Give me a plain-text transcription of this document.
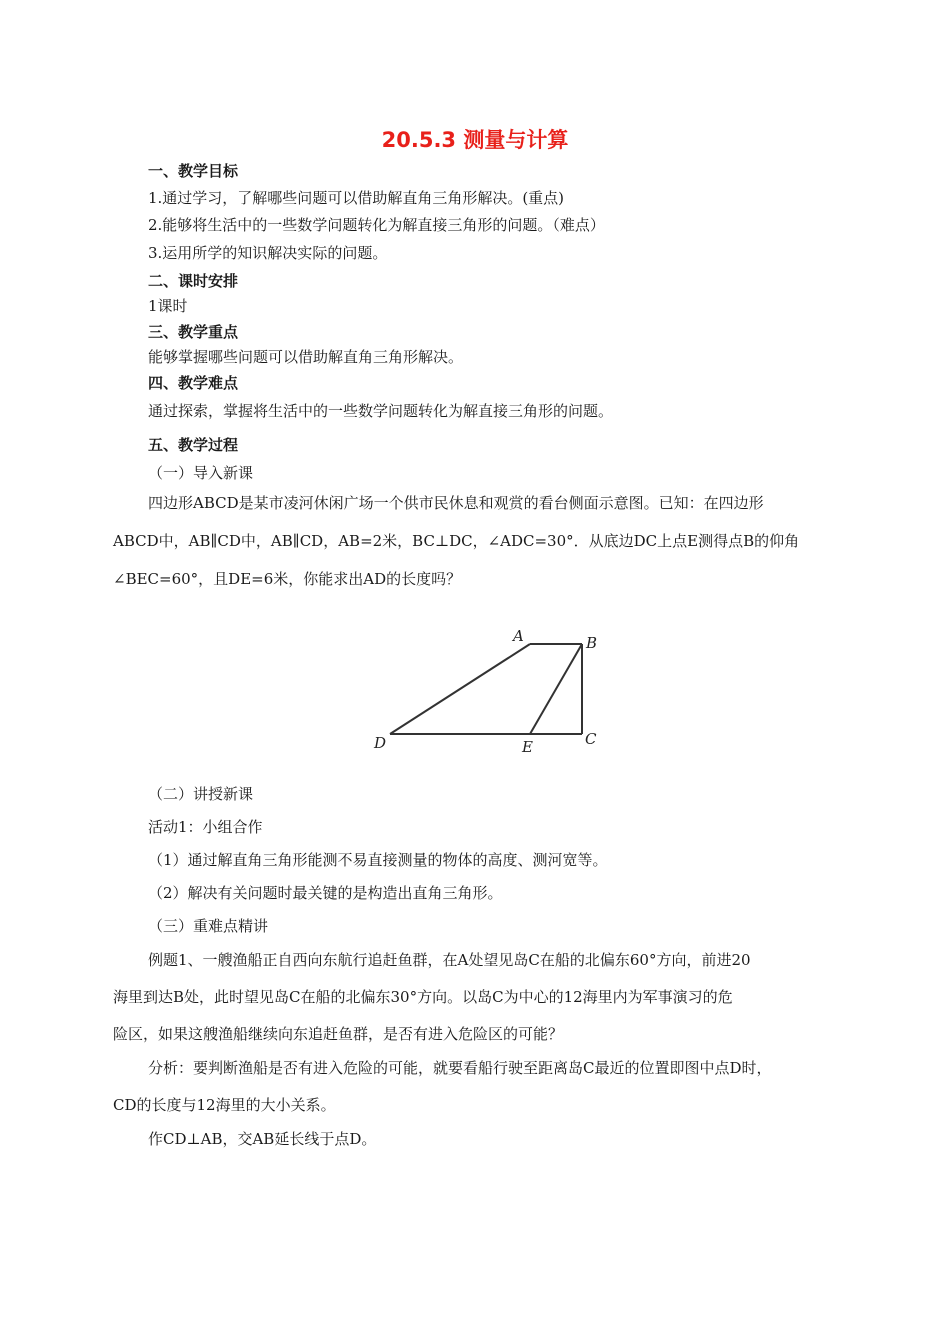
20.5.3 测量与计算
一、教学目标
1.通过学习，了解哪些问题可以借助解直角三角形解决。(重点)
2.能够将生活中的一些数学问题转化为解直接三角形的问题。（难点）
3.运用所学的知识解决实际的问题。
二、课时安排
1课时
三、教学重点
能够掌握哪些问题可以借助解直角三角形解决。
四、教学难点
通过探索，掌握将生活中的一些数学问题转化为解直接三角形的问题。
五、教学过程
（一）导入新课
四边形ABCD是某市凌河休闲广场一个供市民休息和观赏的看台侧面示意图。已知：在四边形
ABCD中，AB∥CD中，AB∥CD，AB=2米，BC⊥DC，∠ADC=30°．从底边DC上点E测得点B的仰角
∠BEC=60°，且DE=6米，你能求出AD的长度吗？
A	B
C
D	E
（二）讲授新课
活动1：小组合作
（1）通过解直角三角形能测不易直接测量的物体的高度、测河宽等。
（2）解决有关问题时最关键的是构造出直角三角形。
（三）重难点精讲
例题1、一艘渔船正自西向东航行追赶鱼群，在A处望见岛C在船的北偏东60°方向，前进20
海里到达B处，此时望见岛C在船的北偏东30°方向。以岛C为中心的12海里内为军事演习的危
险区，如果这艘渔船继续向东追赶鱼群，是否有进入危险区的可能？
分析：要判断渔船是否有进入危险的可能，就要看船行驶至距离岛C最近的位置即图中点D时，
CD的长度与12海里的大小关系。
作CD⊥AB，交AB延长线于点D。
